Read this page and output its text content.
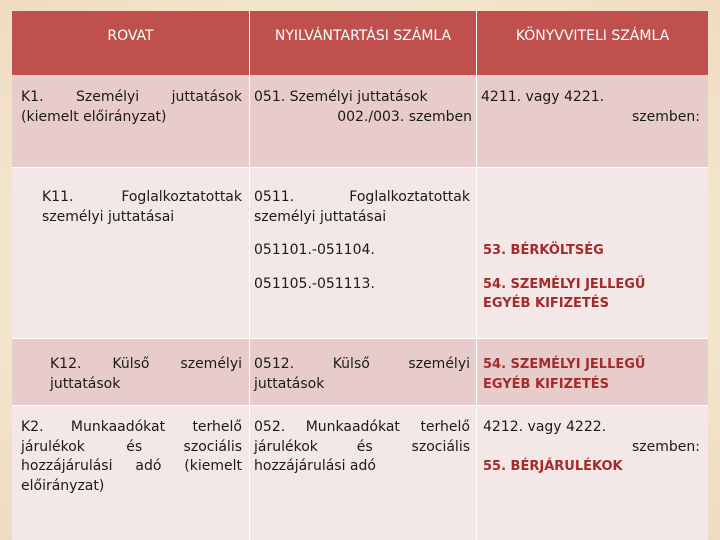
ROVAT	NYILVÁNTARTÁSI SZÁMLA	KÖNYVVITELI SZÁMLA
K1. Személyi juttatások
(kiemelt előirányzat)
051. Személyi juttatások
002./003. szemben
4211. vagy 4221.
szemben:
K11. Foglalkoztatottak
személyi juttatásai
0511. Foglalkoztatottak
személyi juttatásai
051101.-051104.
051105.-051113.
53. BÉRKÖLTSÉG
54. SZEMÉLYI JELLEGŰ
EGYÉB KIFIZETÉS
K12. Külső személyi
juttatások
0512. Külső személyi
juttatások
54. SZEMÉLYI JELLEGŰ
EGYÉB KIFIZETÉS
K2. Munkaadókat terhelő
járulékok és szociális
hozzájárulási adó (kiemelt
előirányzat)
052. Munkaadókat terhelő
járulékok és szociális
hozzájárulási adó
4212. vagy 4222.
szemben:
55. BÉRJÁRULÉKOK
